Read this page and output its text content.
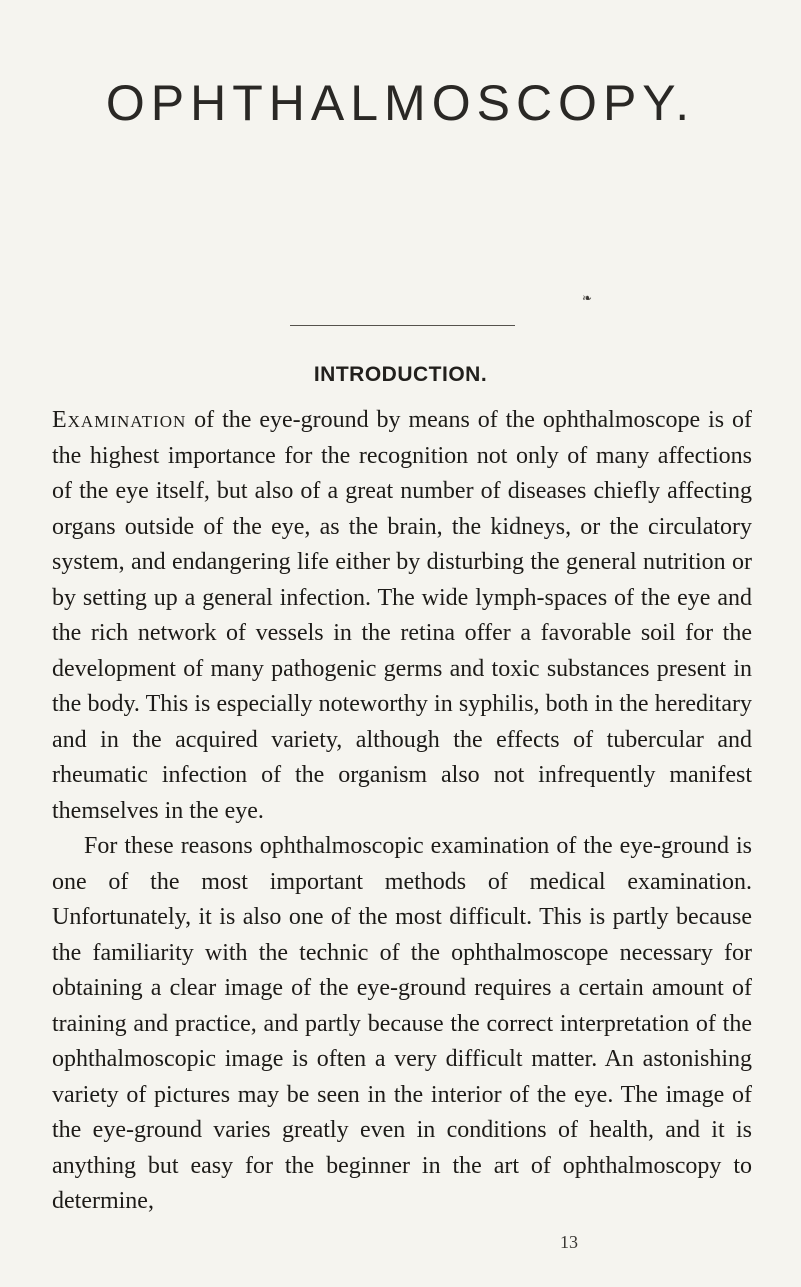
OPHTHALMOSCOPY.
❧
INTRODUCTION.

Examination of the eye-ground by means of the ophthalmoscope is of the highest importance for the recognition not only of many affections of the eye itself, but also of a great number of diseases chiefly affecting organs outside of the eye, as the brain, the kidneys, or the circulatory system, and endangering life either by disturbing the general nutrition or by setting up a general infection. The wide lymph-spaces of the eye and the rich network of vessels in the retina offer a favorable soil for the development of many pathogenic germs and toxic substances present in the body. This is especially noteworthy in syphilis, both in the hereditary and in the acquired variety, although the effects of tubercular and rheumatic infection of the organism also not infrequently manifest themselves in the eye.

For these reasons ophthalmoscopic examination of the eye-ground is one of the most important methods of medical examination. Unfortunately, it is also one of the most difficult. This is partly because the familiarity with the technic of the ophthalmoscope necessary for obtaining a clear image of the eye-ground requires a certain amount of training and practice, and partly because the correct interpretation of the ophthalmoscopic image is often a very difficult matter. An astonishing variety of pictures may be seen in the interior of the eye. The image of the eye-ground varies greatly even in conditions of health, and it is anything but easy for the beginner in the art of ophthalmoscopy to determine,

13
